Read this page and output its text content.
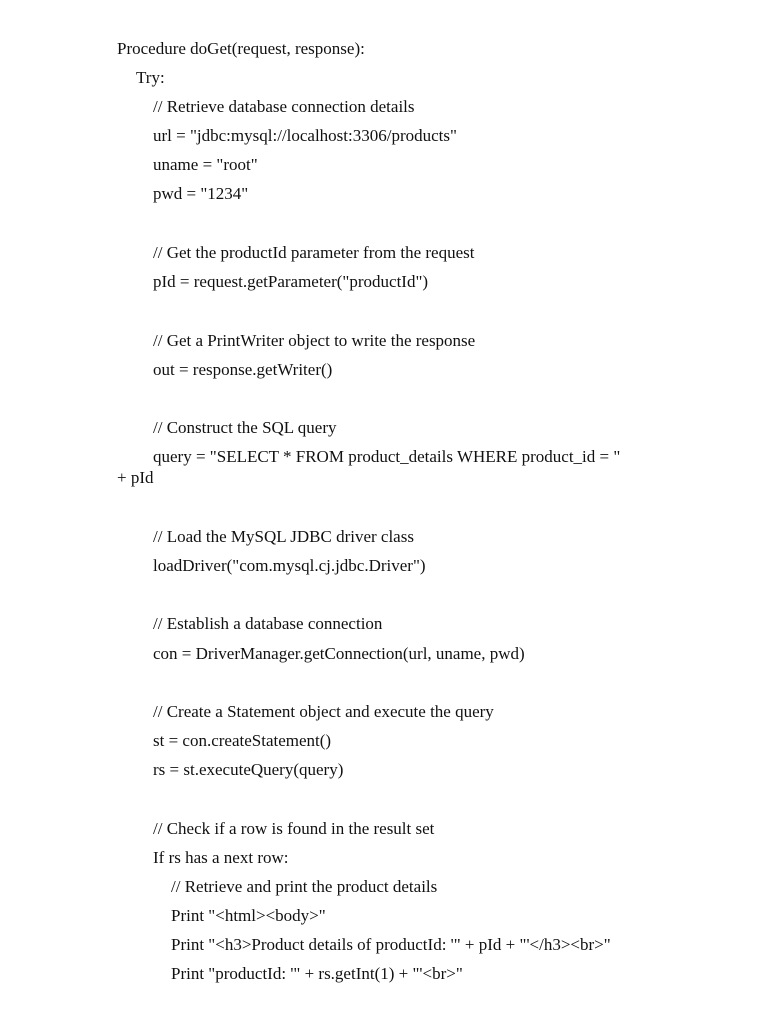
Procedure doGet(request, response):
Try:
// Retrieve database connection details
url = "jdbc:mysql://localhost:3306/products"
uname = "root"
pwd = "1234"
// Get the productId parameter from the request
pId = request.getParameter("productId")
// Get a PrintWriter object to write the response
out = response.getWriter()
// Construct the SQL query
query = "SELECT * FROM product_details WHERE product_id = "
+ pId
// Load the MySQL JDBC driver class
loadDriver("com.mysql.cj.jdbc.Driver")
// Establish a database connection
con = DriverManager.getConnection(url, uname, pwd)
// Create a Statement object and execute the query
st = con.createStatement()
rs = st.executeQuery(query)
// Check if a row is found in the result set
If rs has a next row:
// Retrieve and print the product details
Print "<html><body>"
Print "<h3>Product details of productId: '" + pId + "'</h3><br>"
Print "productId: '" + rs.getInt(1) + "'<br>"
